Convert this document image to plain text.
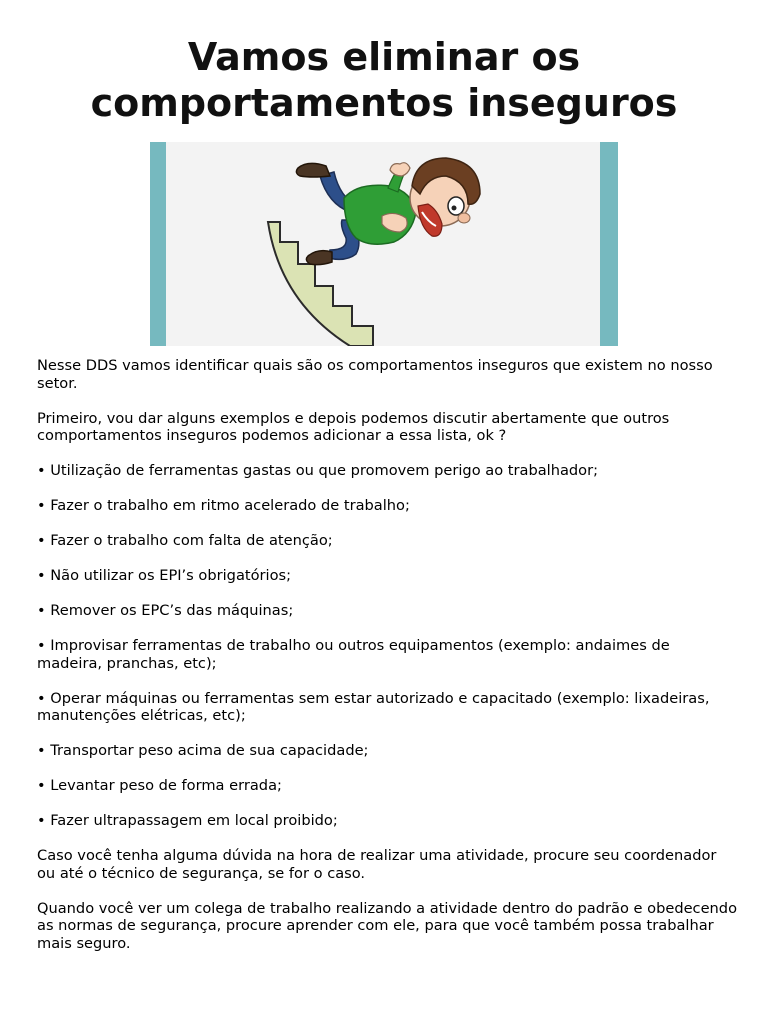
Vamos eliminar os
comportamentos inseguros

Nesse DDS vamos identificar quais são os comportamentos inseguros que existem no nosso setor.

Primeiro, vou dar alguns exemplos e depois podemos discutir abertamente que outros comportamentos inseguros podemos adicionar a essa lista, ok ?

• Utilização de ferramentas gastas ou que promovem perigo ao trabalhador;

• Fazer o trabalho em ritmo acelerado de trabalho;

• Fazer o trabalho com falta de atenção;

• Não utilizar os EPI’s obrigatórios;

• Remover os EPC’s das máquinas;

• Improvisar ferramentas de trabalho ou outros equipamentos (exemplo: andaimes de madeira, pranchas, etc);

• Operar máquinas ou ferramentas sem estar autorizado e capacitado (exemplo: lixadeiras, manutenções elétricas, etc);

• Transportar peso acima de sua capacidade;

• Levantar peso de forma errada;

• Fazer ultrapassagem em local proibido;

Caso você tenha alguma dúvida na hora de realizar uma atividade, procure seu coordenador ou até o técnico de segurança, se for o caso.

Quando você ver um colega de trabalho realizando a atividade dentro do padrão e obedecendo as normas de segurança, procure aprender com ele, para que você também possa trabalhar mais seguro.
